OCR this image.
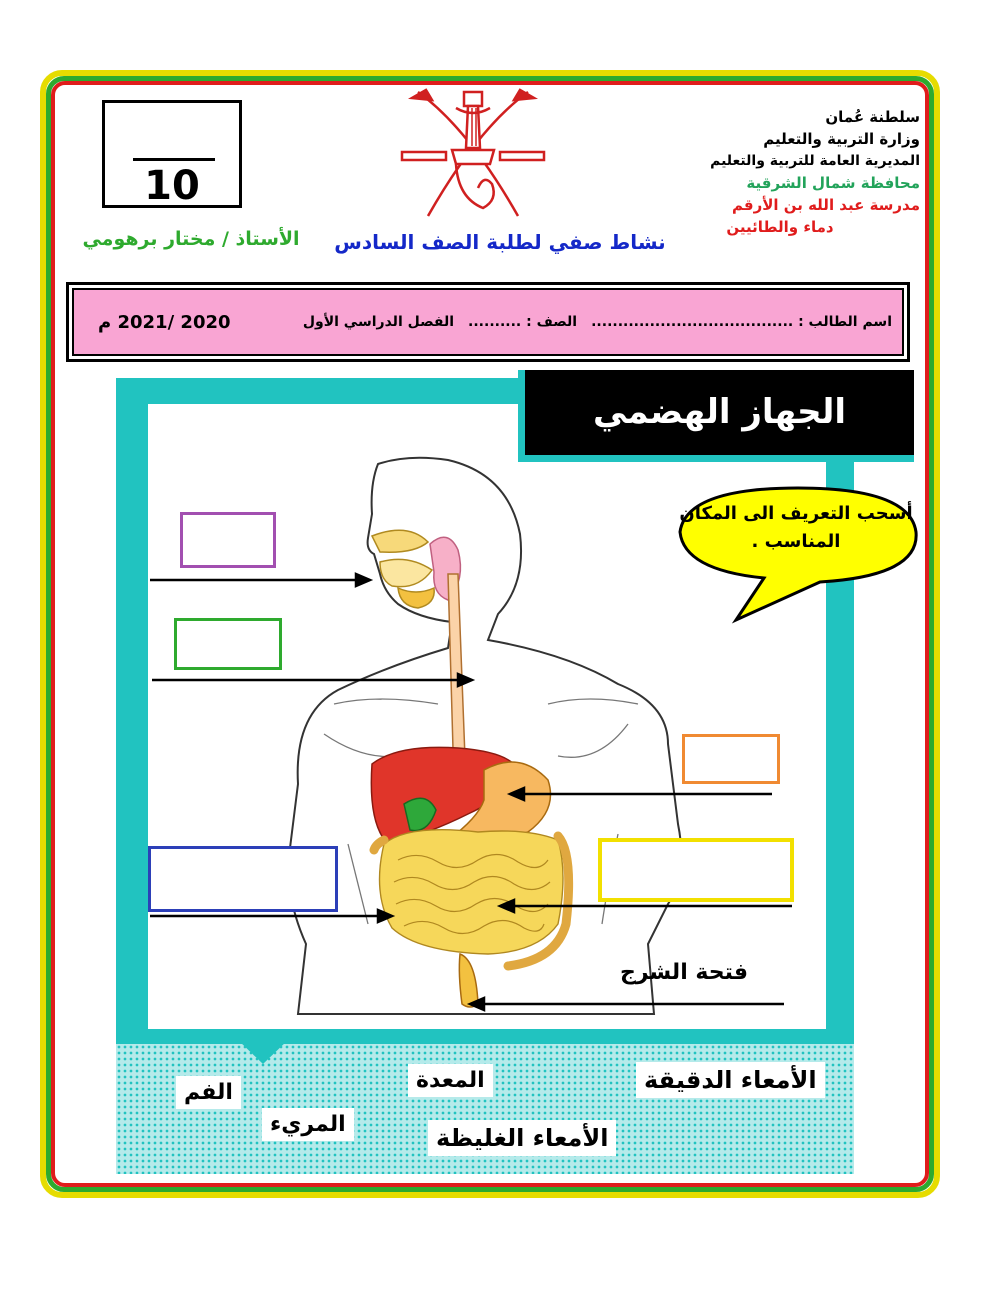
10
سلطنة عُمان
وزارة التربية والتعليم
المديرية العامة للتربية والتعليم
محافظة شمال الشرقية
مدرسة عبد الله بن الأرقم
دماء والطائيين
الأستاذ / مختار برهومي	نشاط صفي لطلبة الصف السادس
اسم الطالب : ......................................
الصف : ..........
الفصل الدراسي الأول
2020 /2021 م
فتحة الشرج
الجهاز الهضمي
أسحب التعريف الى المكان المناسب .
الأمعاء الدقيقة
المعدة
الفم
المريء	الأمعاء الغليظة
